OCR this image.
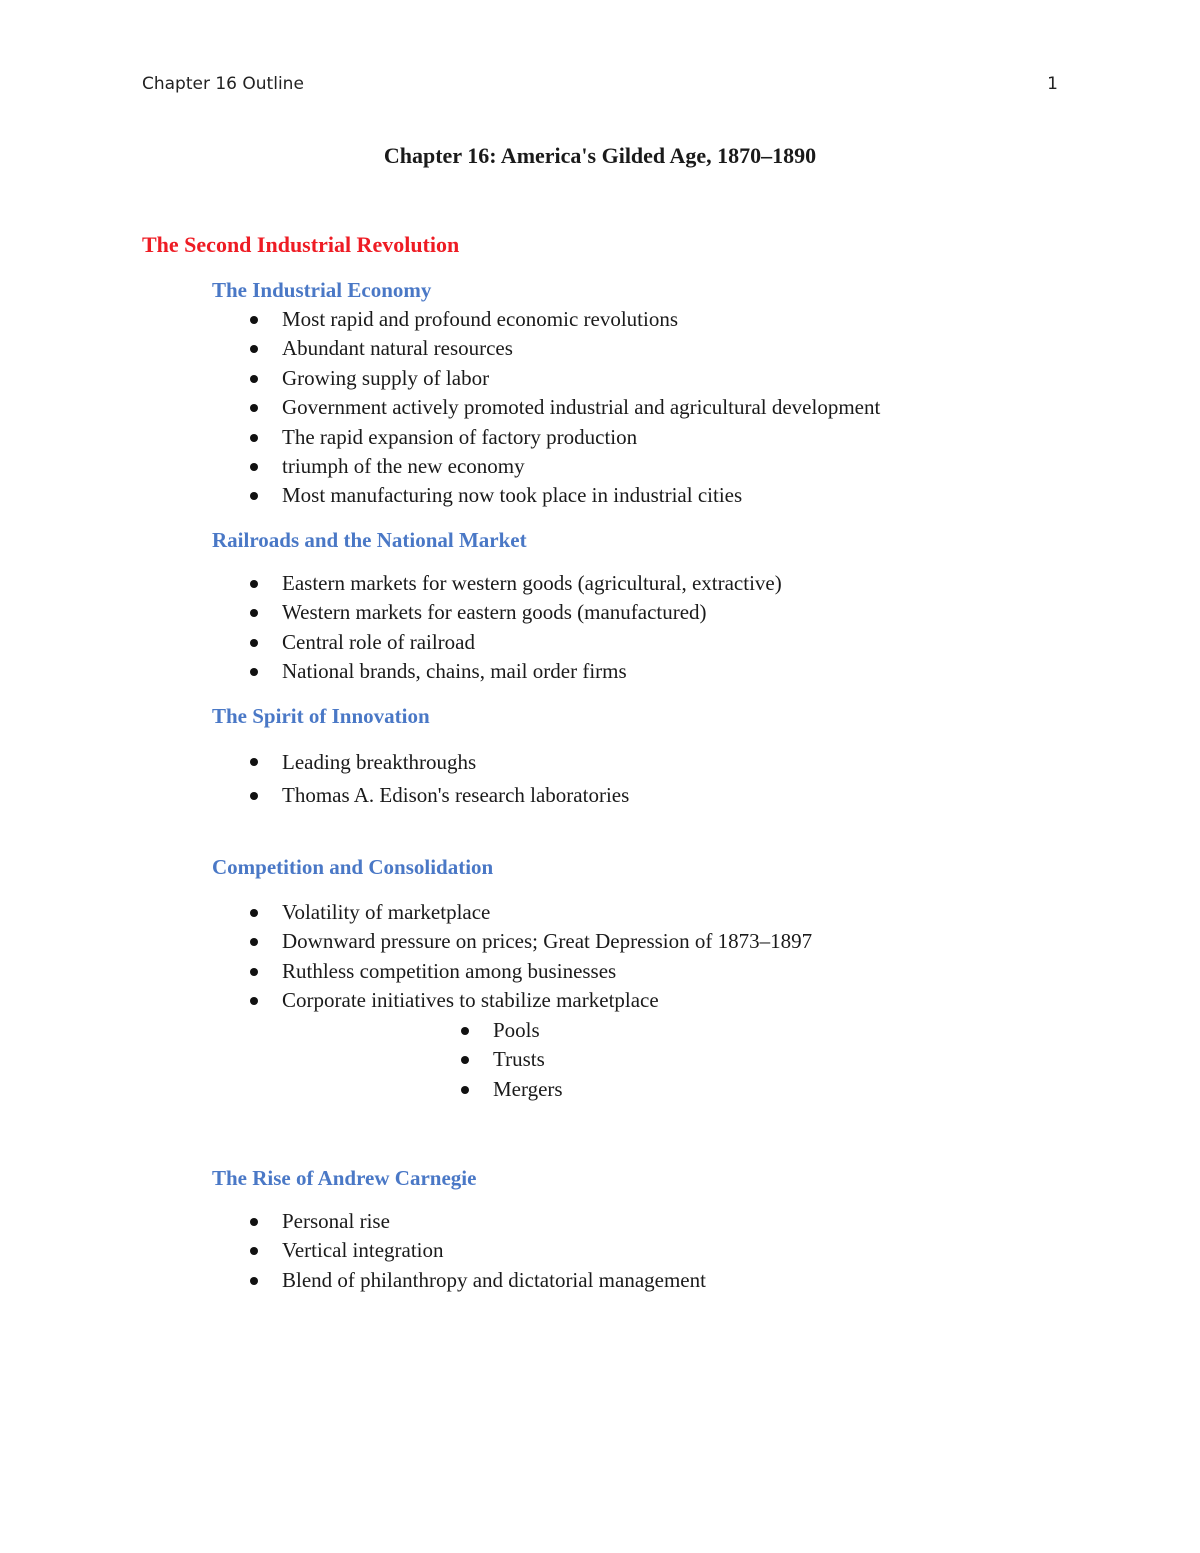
Chapter 16 Outline	1
Chapter 16: America's Gilded Age, 1870–1890
The Second Industrial Revolution
The Industrial Economy
Most rapid and profound economic revolutions
Abundant natural resources
Growing supply of labor
Government actively promoted industrial and agricultural development
The rapid expansion of factory production
triumph of the new economy
Most manufacturing now took place in industrial cities
Railroads and the National Market
Eastern markets for western goods (agricultural, extractive)
Western markets for eastern goods (manufactured)
Central role of railroad
National brands, chains, mail order firms
The Spirit of Innovation
Leading breakthroughs
Thomas A. Edison's research laboratories
Competition and Consolidation
Volatility of marketplace
Downward pressure on prices; Great Depression of 1873–1897
Ruthless competition among businesses
Corporate initiatives to stabilize marketplace
Pools
Trusts
Mergers
The Rise of Andrew Carnegie
Personal rise
Vertical integration
Blend of philanthropy and dictatorial management
